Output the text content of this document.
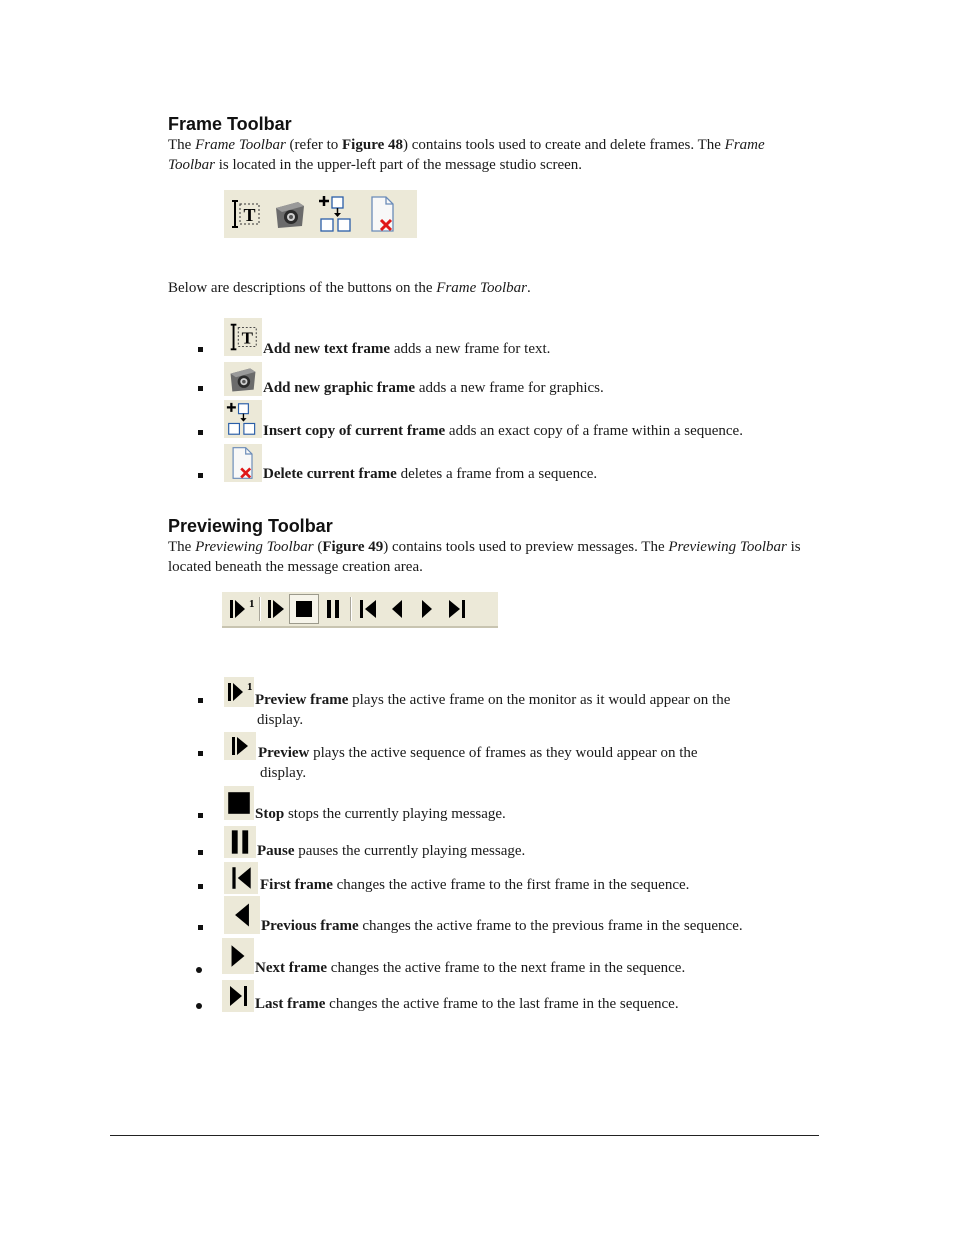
Frame Toolbar

The Frame Toolbar (refer to Figure 48) contains tools used to create and delete frames. The Frame Toolbar is located in the upper-left part of the message studio screen.

T

Below are descriptions of the buttons on the Frame Toolbar.

T

Add new text frame adds a new frame for text.

Add new graphic frame adds a new frame for graphics.

Insert copy of current frame adds an exact copy of a frame within a sequence.

Delete current frame deletes a frame from a sequence.

Previewing Toolbar

The Previewing Toolbar (Figure 49) contains tools used to preview messages. The Previewing Toolbar is located beneath the message creation area.

1
1

Preview frame plays the active frame on the monitor as it would appear on the

display.

Preview plays the active sequence of frames as they would appear on the

display.

Stop stops the currently playing message.

Pause pauses the currently playing message.

First frame changes the active frame to the first frame in the sequence.

Previous frame changes the active frame to the previous frame in the sequence.

Next frame changes the active frame to the next frame in the sequence.

Last frame changes the active frame to the last frame in the sequence.
